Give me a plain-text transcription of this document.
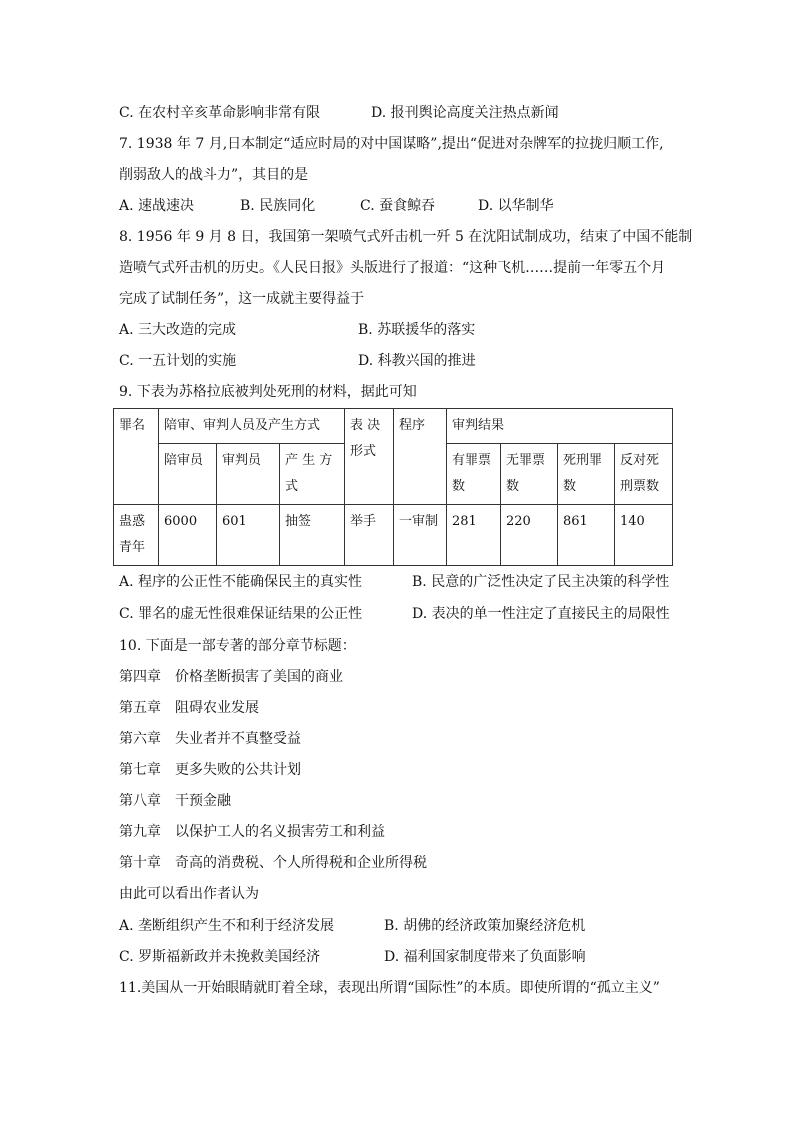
C. 在农村辛亥革命影响非常有限	D. 报刊舆论高度关注热点新闻
7. 1938 年 7 月,日本制定“适应时局的对中国谋略”,提出“促进对杂牌军的拉拢归顺工作,
削弱敌人的战斗力”，其目的是
A. 速战速决	B. 民族同化	C. 蚕食鲸吞	D. 以华制华
8. 1956 年 9 月 8 日，我国第一架喷气式歼击机一歼 5 在沈阳试制成功，结束了中国不能制
造喷气式歼击机的历史。《人民日报》头版进行了报道：“这种飞机……提前一年零五个月
完成了试制任务”，这一成就主要得益于
A. 三大改造的完成	B. 苏联援华的落实
C. 一五计划的实施	D. 科教兴国的推进
9. 下表为苏格拉底被判处死刑的材料，据此可知
罪名	陪审、审判人员及产生方式			表 决形式	程序	审判结果			

	陪审员	审判员	产 生 方式			有罪票数	无罪票数	死刑罪数	反对死刑票数

蛊惑青年	6000	601	抽签	举手	一审制	281	220	861	140
A. 程序的公正性不能确保民主的真实性	B. 民意的广泛性决定了民主决策的科学性
C. 罪名的虚无性很难保证结果的公正性	D. 表决的单一性注定了直接民主的局限性
10. 下面是一部专著的部分章节标题：
第四章　价格垄断损害了美国的商业
第五章　阻碍农业发展
第六章　失业者并不真整受益
第七章　更多失败的公共计划
第八章　干预金融
第九章　以保护工人的名义损害劳工和利益
第十章　奇高的消费税、个人所得税和企业所得税
由此可以看出作者认为
A. 垄断组织产生不和利于经济发展	B. 胡佛的经济政策加聚经济危机
C. 罗斯福新政并未挽救美国经济	D. 福利国家制度带来了负面影响
11.美国从一开始眼睛就盯着全球，表现出所谓“国际性”的本质。即使所谓的“孤立主义”
